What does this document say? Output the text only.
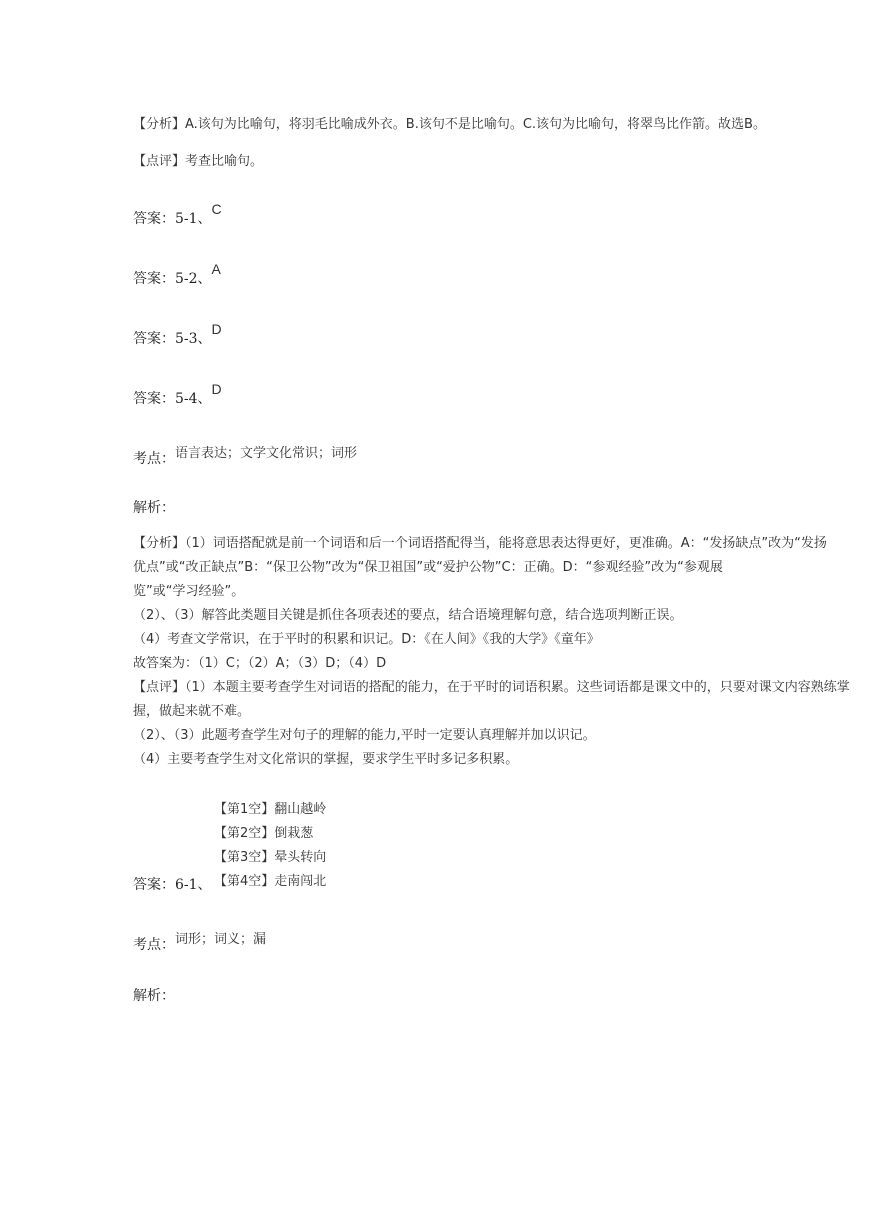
【分析】A.该句为比喻句，将羽毛比喻成外衣。B.该句不是比喻句。C.该句为比喻句，将翠鸟比作箭。故选B。
【点评】考查比喻句。
答案：5-1、C
答案：5-2、A
答案：5-3、D
答案：5-4、D
考点：语言表达；文学文化常识；词形
解析：
【分析】（1）词语搭配就是前一个词语和后一个词语搭配得当，能将意思表达得更好，更准确。A：“发扬缺点”改为“发扬
优点”或“改正缺点”B：“保卫公物”改为“保卫祖国”或“爱护公物”C：正确。D：“参观经验”改为“参观展
览”或“学习经验”。
（2）、（3）解答此类题目关键是抓住各项表述的要点，结合语境理解句意，结合选项判断正误。
（4）考查文学常识，在于平时的积累和识记。D：《在人间》《我的大学》《童年》
故答案为：（1）C；（2）A；（3）D；（4）D
【点评】（1）本题主要考查学生对词语的搭配的能力，在于平时的词语积累。这些词语都是课文中的，只要对课文内容熟练掌
握，做起来就不难。
（2）、（3）此题考查学生对句子的理解的能力,平时一定要认真理解并加以识记。
（4）主要考查学生对文化常识的掌握，要求学生平时多记多积累。
【第1空】翻山越岭
【第2空】倒栽葱
【第3空】晕头转向
答案：6-1、 【第4空】走南闯北
考点：词形；词义；漏
解析：
